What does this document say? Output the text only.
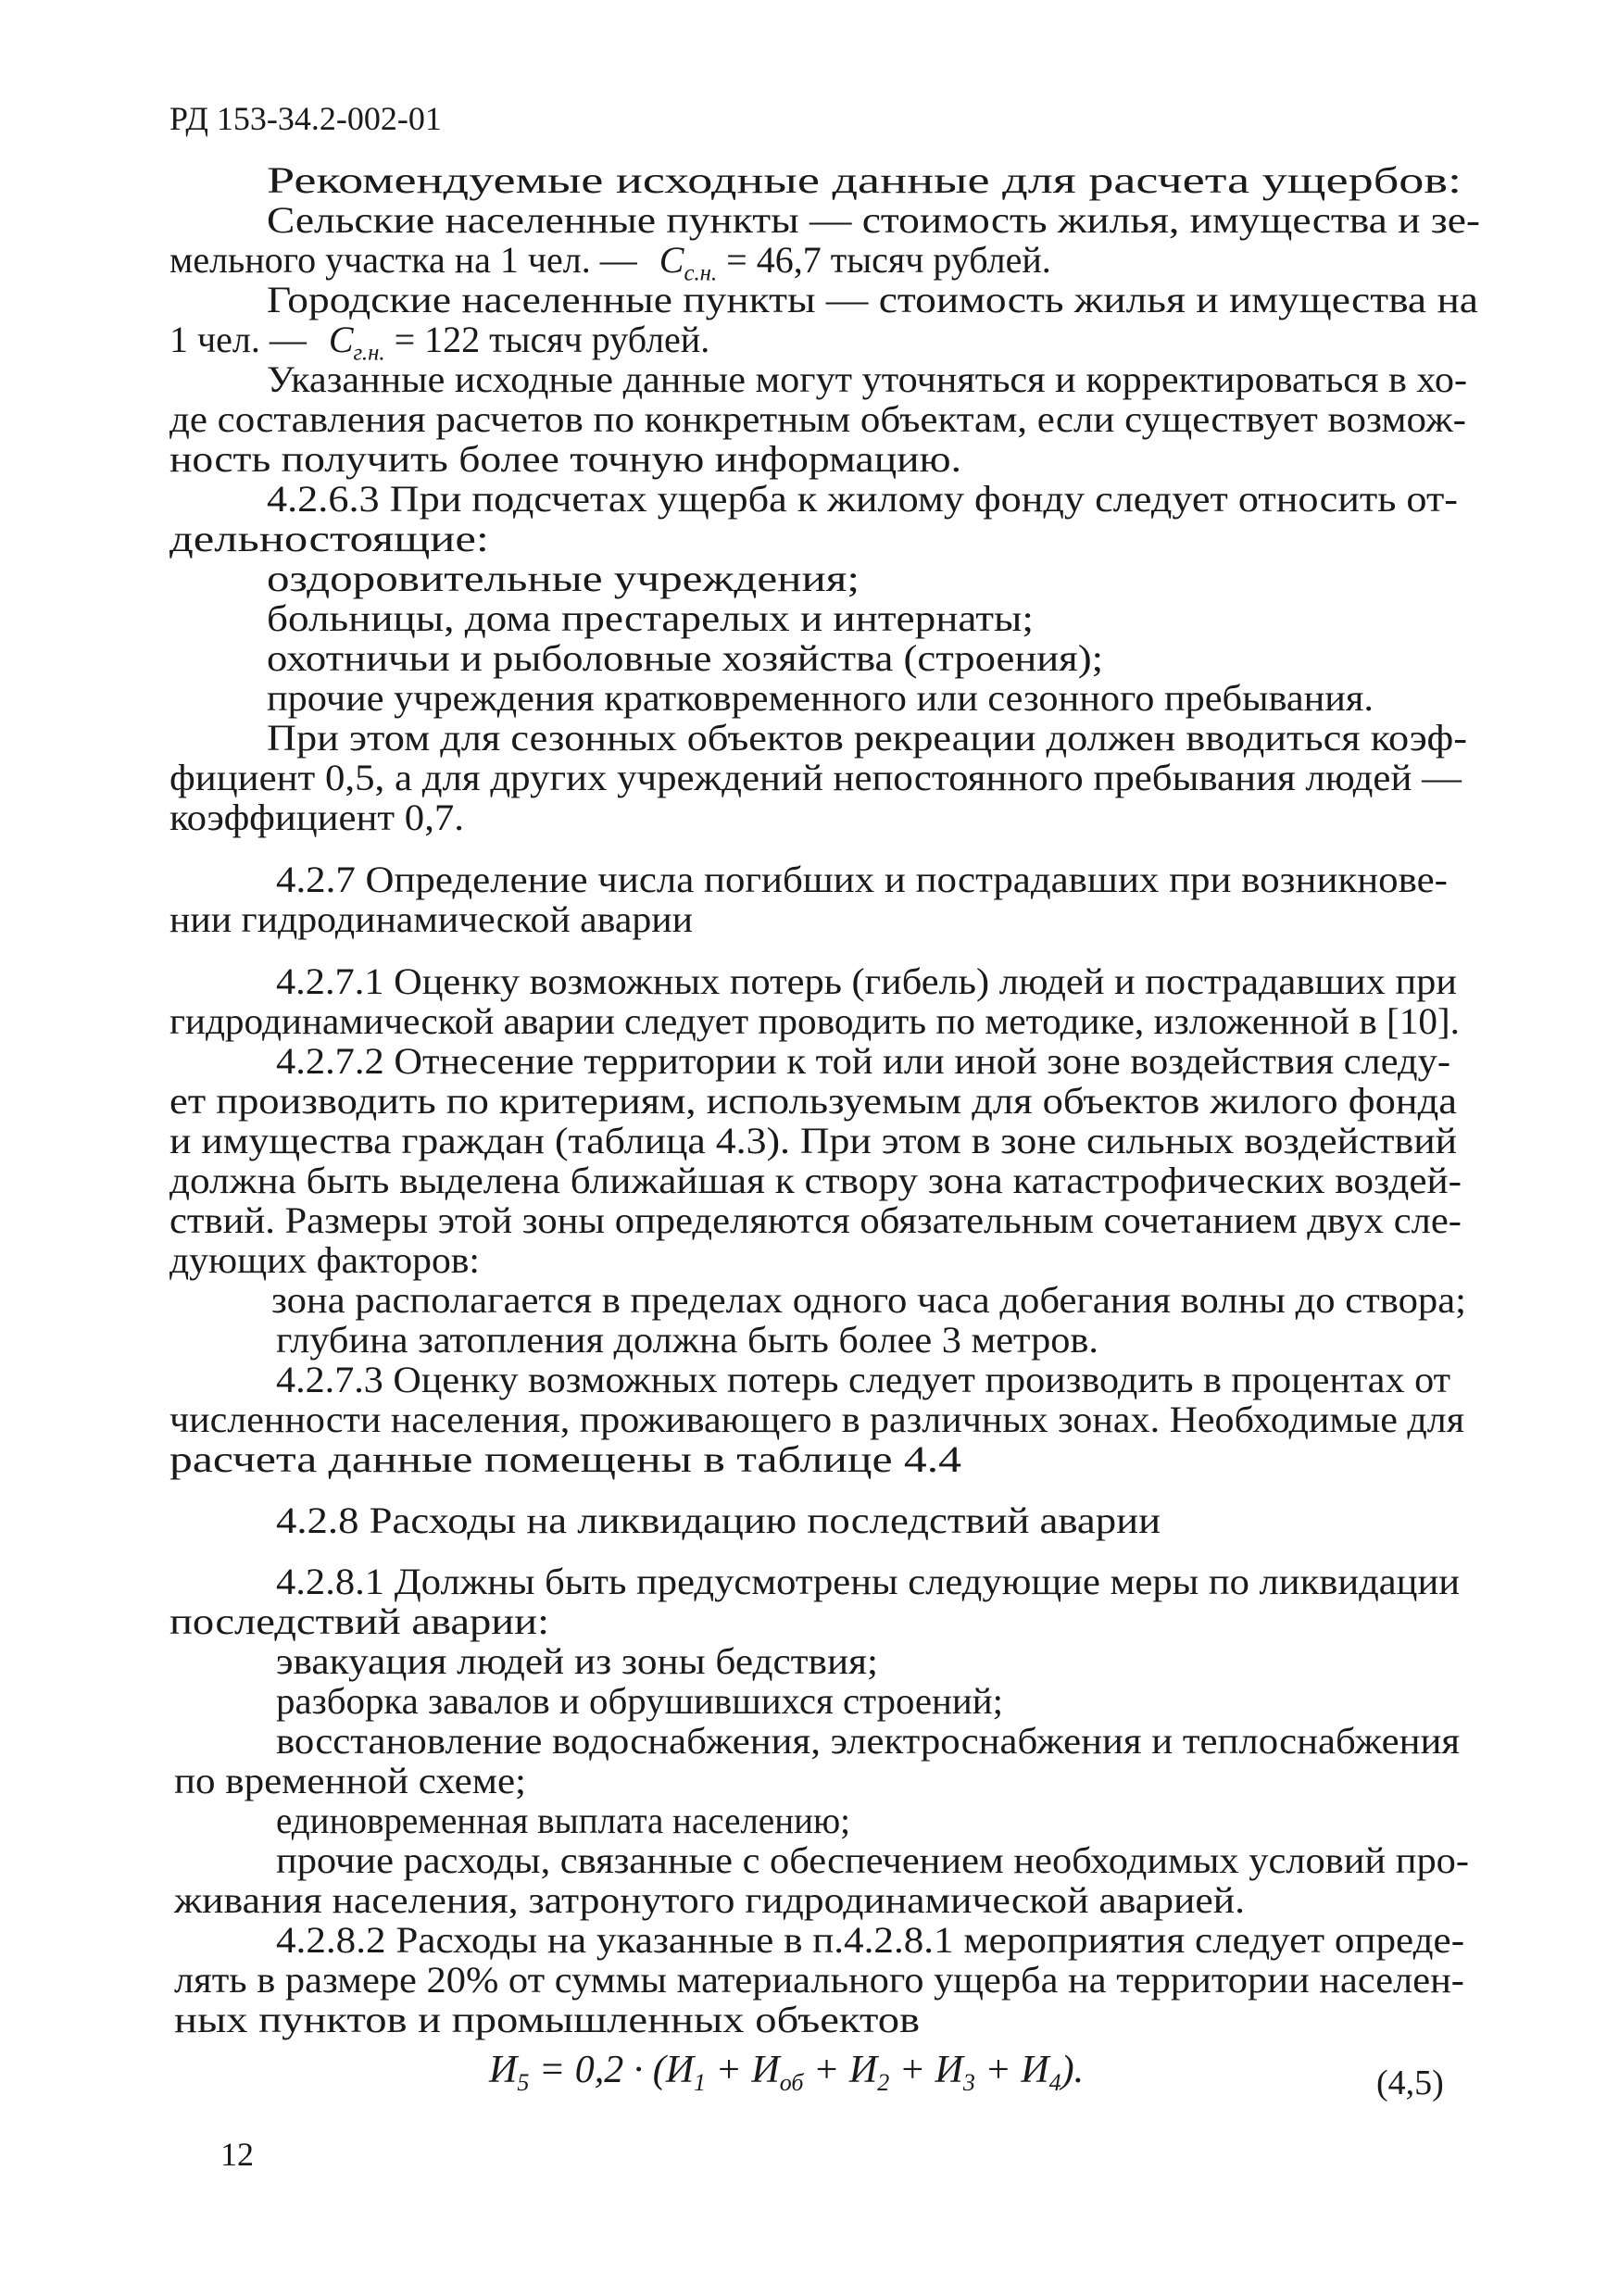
РД 153-34.2-002-01
Рекомендуемые исходные данные для расчета ущербов:
Сельские населенные пункты — стоимость жилья, имущества и зе-
мельного участка на 1 чел. — $С_{с.н.} = 46,7$ тысяч рублей.
Городские населенные пункты — стоимость жилья и имущества на
1 чел. — $С_{г.н.} = 122$ тысяч рублей.
Указанные исходные данные могут уточняться и корректироваться в хо-
де составления расчетов по конкретным объектам, если существует возмож-
ность получить более точную информацию.
4.2.6.3 При подсчетах ущерба к жилому фонду следует относить от-
дельностоящие:
оздоровительные учреждения;
больницы, дома престарелых и интернаты;
охотничьи и рыболовные хозяйства (строения);
прочие учреждения кратковременного или сезонного пребывания.
При этом для сезонных объектов рекреации должен вводиться коэф-
фициент 0,5, а для других учреждений непостоянного пребывания людей —
коэффициент 0,7.
4.2.7 Определение числа погибших и пострадавших при возникнове-
нии гидродинамической аварии
4.2.7.1 Оценку возможных потерь (гибель) людей и пострадавших при
гидродинамической аварии следует проводить по методике, изложенной в [10].
4.2.7.2 Отнесение территории к той или иной зоне воздействия следу-
ет производить по критериям, используемым для объектов жилого фонда
и имущества граждан (таблица 4.3). При этом в зоне сильных воздействий
должна быть выделена ближайшая к створу зона катастрофических воздей-
ствий. Размеры этой зоны определяются обязательным сочетанием двух сле-
дующих факторов:
зона располагается в пределах одного часа добегания волны до створа;
глубина затопления должна быть более 3 метров.
4.2.7.3 Оценку возможных потерь следует производить в процентах от
численности населения, проживающего в различных зонах. Необходимые для
расчета данные помещены в таблице 4.4
4.2.8 Расходы на ликвидацию последствий аварии
4.2.8.1 Должны быть предусмотрены следующие меры по ликвидации
последствий аварии:
эвакуация людей из зоны бедствия;
разборка завалов и обрушившихся строений;
восстановление водоснабжения, электроснабжения и теплоснабжения
по временной схеме;
единовременная выплата населению;
прочие расходы, связанные с обеспечением необходимых условий про-
живания населения, затронутого гидродинамической аварией.
4.2.8.2 Расходы на указанные в п.4.2.8.1 мероприятия следует опреде-
лять в размере 20% от суммы материального ущерба на территории населен-
ных пунктов и промышленных объектов
$И_5 = 0,2 \cdot (И_1 + И_{об} + И_2 + И_3 + И_4)$.	(4,5)
12
